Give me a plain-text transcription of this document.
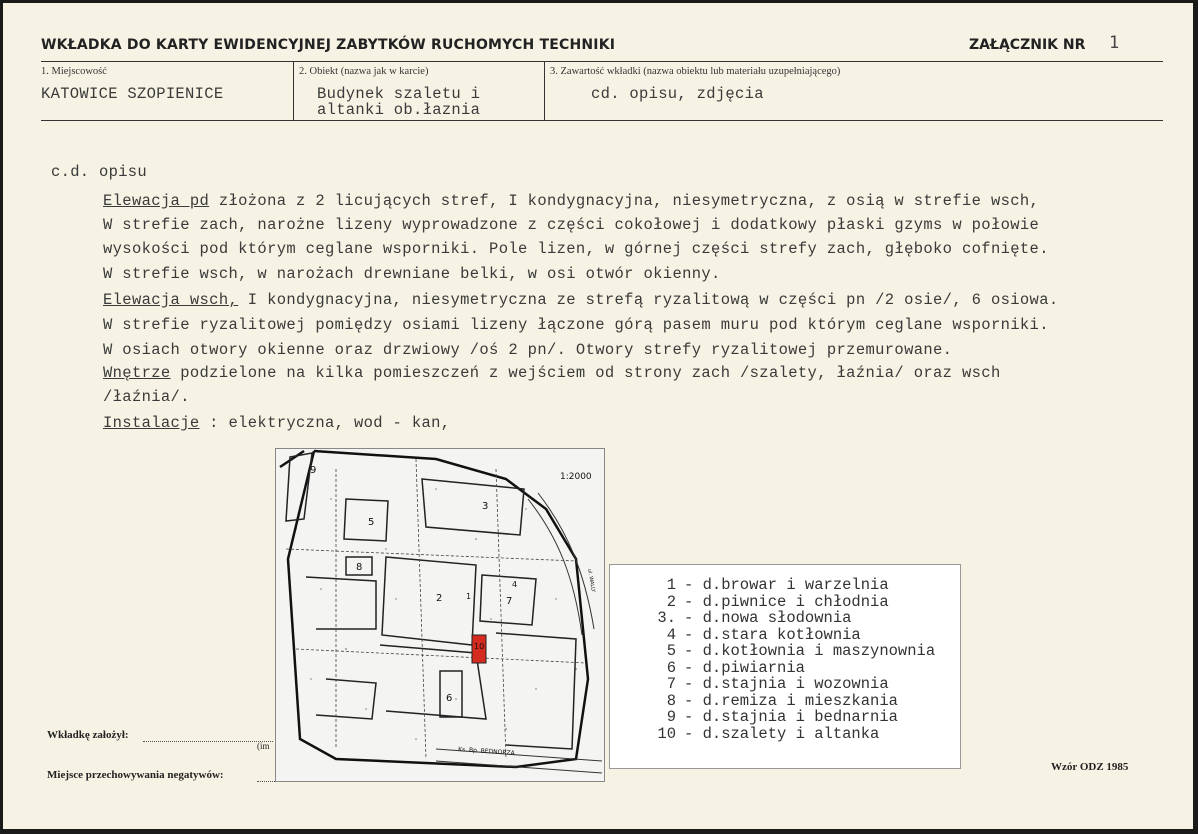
WKŁADKA DO KARTY EWIDENCYJNEJ ZABYTKÓW RUCHOMYCH TECHNIKI	ZAŁĄCZNIK NR 1
1. Miejscowość
KATOWICE SZOPIENICE
2. Obiekt (nazwa jak w karcie)
Budynek szaletu i
altanki ob.łaznia
3. Zawartość wkładki (nazwa obiektu lub materiału uzupełniającego)
cd. opisu, zdjęcia
c.d. opisu
Elewacja pd złożona z 2 licujących stref, I kondygnacyjna, niesymetryczna, z osią w strefie wsch,
W strefie zach, narożne lizeny wyprowadzone z części cokołowej i dodatkowy płaski gzyms w połowie
wysokości pod którym ceglane wsporniki. Pole lizen, w górnej części strefy zach, głęboko cofnięte.
W strefie wsch, w narożach drewniane belki, w osi otwór okienny.
Elewacja wsch, I kondygnacyjna, niesymetryczna ze strefą ryzalitową w części pn /2 osie/, 6 osiowa.
W strefie ryzalitowej pomiędzy osiami lizeny łączone górą pasem muru pod którym ceglane wsporniki.
W osiach otwory okienne oraz drzwiowy /oś 2 pn/. Otwory strefy ryzalitowej przemurowane.
Wnętrze podzielone na kilka pomieszczeń z wejściem od strony zach /szalety, łaźnia/ oraz wsch
/łaźnia/.
Instalacje : elektryczna, wod - kan,
9
3
5
8
2	7
6
10
1
4
1:2000
Ks. Bp. BEDNORZA
ul. WALLY	1 - d.browar i warzelnia
2 - d.piwnice i chłodnia
3. - d.nowa słodownia
4 - d.stara kotłownia
5 - d.kotłownia i maszynownia
6 - d.piwiarnia
7 - d.stajnia i wozownia
8 - d.remiza i mieszkania
9 - d.stajnia i bednarnia
10 - d.szalety i altanka
Wkładkę założył:
(im
Miejsce przechowywania negatywów:
Wzór ODZ 1985
